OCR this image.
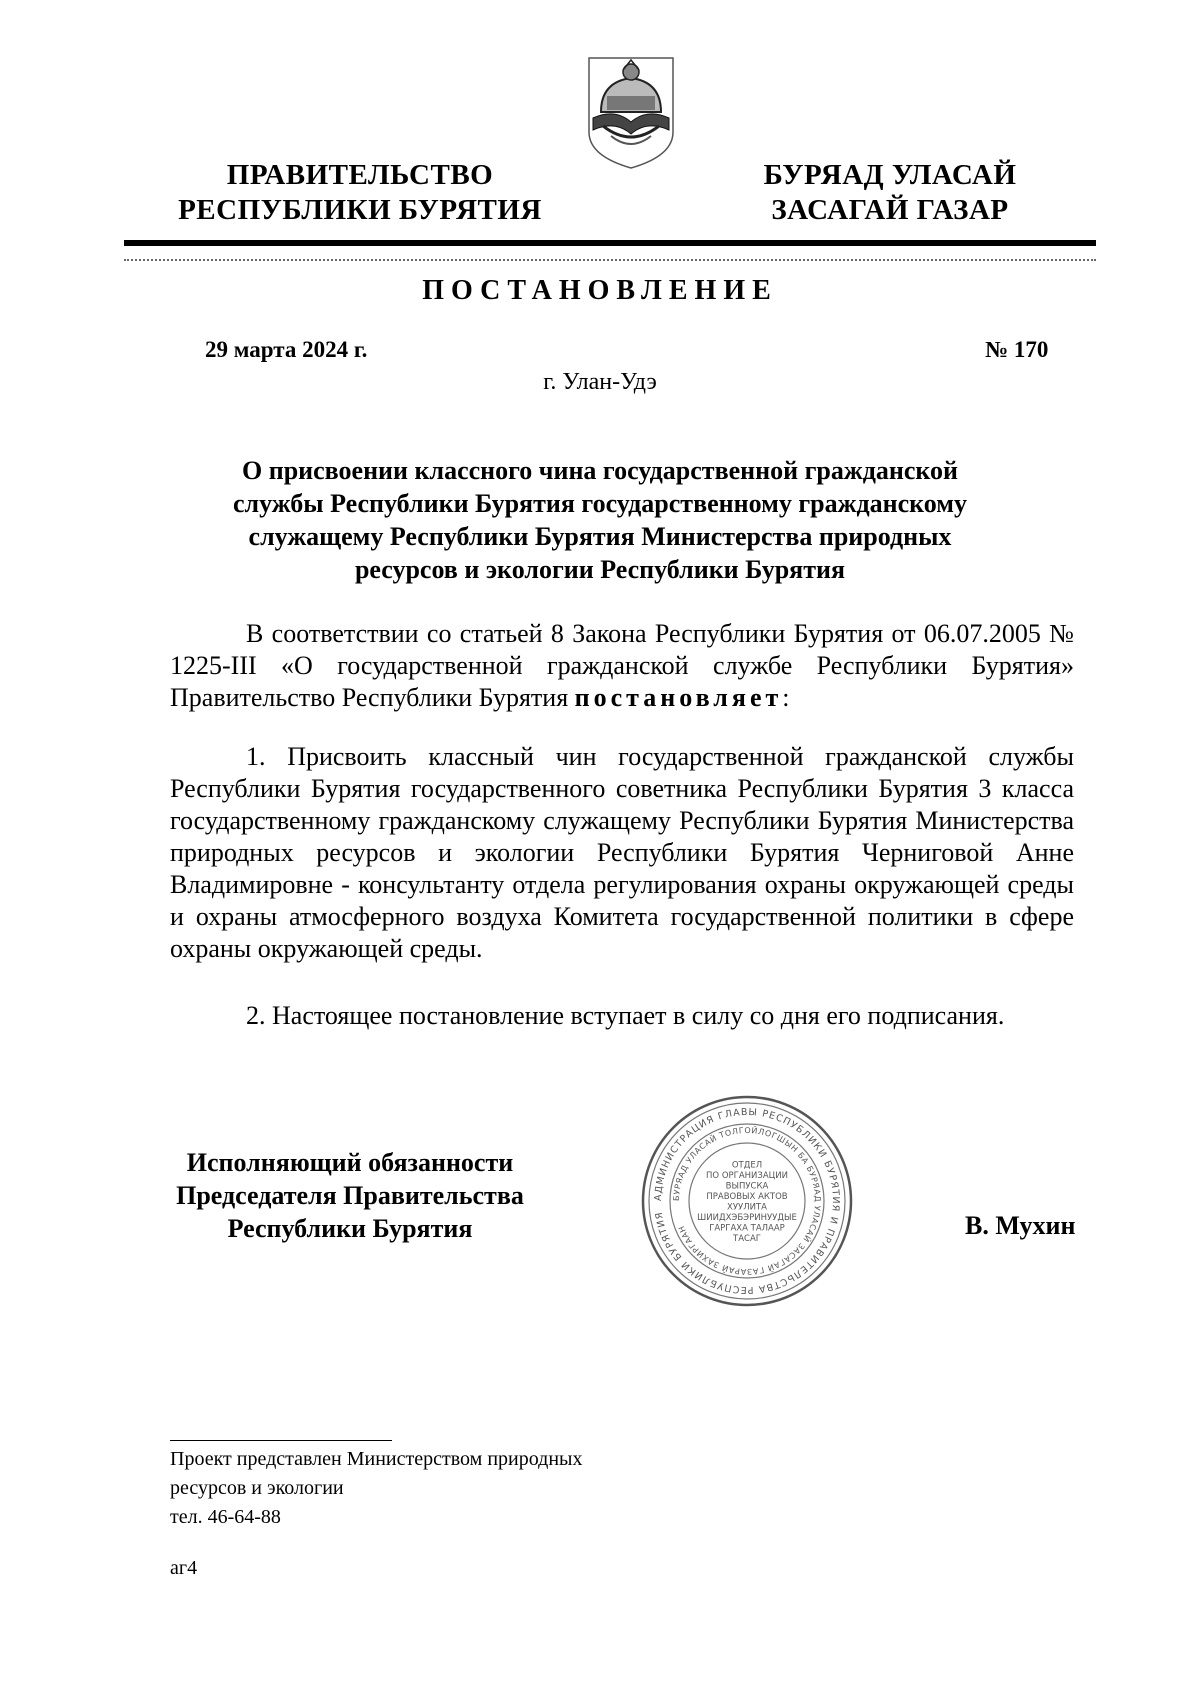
ПРАВИТЕЛЬСТВО
РЕСПУБЛИКИ БУРЯТИЯ
БУРЯАД УЛАСАЙ
ЗАСАГАЙ ГАЗАР
ПОСТАНОВЛЕНИЕ
29 марта 2024 г.	№ 170
г. Улан-Удэ
О присвоении классного чина государственной гражданской
службы Республики Бурятия государственному гражданскому
служащему Республики Бурятия Министерства природных
ресурсов и экологии Республики Бурятия
В соответствии со статьей 8 Закона Республики Бурятия от 06.07.2005 № 1225-III «О государственной гражданской службе Республики Бурятия» Правительство Республики Бурятия постановляет:
1. Присвоить классный чин государственной гражданской службы Республики Бурятия государственного советника Республики Бурятия 3 класса государственному гражданскому служащему Республики Бурятия Министерства природных ресурсов и экологии Республики Бурятия Черниговой Анне Владимировне - консультанту отдела регулирования охраны окружающей среды и охраны атмосферного воздуха Комитета государственной политики в сфере охраны окружающей среды.
2. Настоящее постановление вступает в силу со дня его подписания.
Исполняющий обязанности
Председателя Правительства
Республики Бурятия
АДМИНИСТРАЦИЯ ГЛАВЫ РЕСПУБЛИКИ БУРЯТИЯ И ПРАВИТЕЛЬСТВА РЕСПУБЛИКИ БУРЯТИЯ
БУРЯАД УЛАСАЙ ТОЛГОЙЛОГШЫН БА БУРЯАД УЛАСАЙ ЗАСАГАЙ ГАЗАРАЙ ЗАХИРГААН
ОТДЕЛ
ПО ОРГАНИЗАЦИИ
ВЫПУСКА
ПРАВОВЫХ АКТОВ
ХУУЛИТА
ШИИДХЭБЭРИНУУДЫЕ
ГАРГАХА ТАЛААР
ТАСАГ	В. Мухин
Проект представлен Министерством природных
ресурсов и экологии
тел. 46-64-88
аг4
